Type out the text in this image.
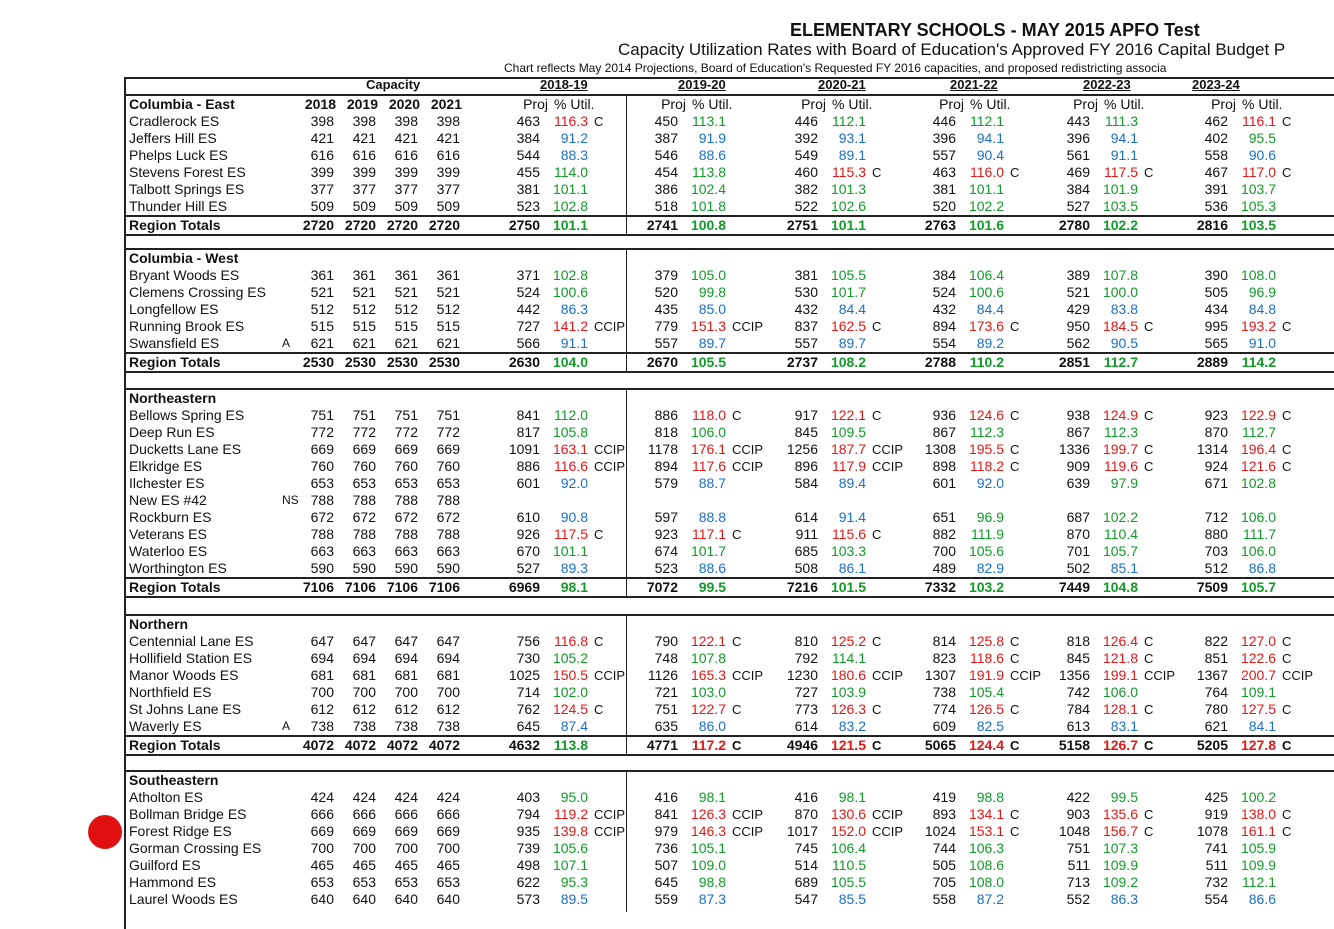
ELEMENTARY SCHOOLS - MAY 2015 APFO Test
Capacity Utilization Rates with Board of Education's Approved FY 2016 Capital Budget P
Chart reflects May 2014 Projections, Board of Education's Requested FY 2016 capacities, and proposed redistricting associa
Capacity	2018-19	2019-20	2020-21	2021-22	2022-23	2023-24
Columbia - East	2018 2019 2020 2021	Proj % Util.	Proj % Util.	Proj % Util.	Proj % Util.	Proj % Util.	Proj % Util.
Cradlerock ES	398	398	398	398	463	116.3 C	450	113.1	446	112.1	446	112.1	443	111.3	462	116.1 C
Jeffers Hill ES	421	421	421	421	384	91.2	387	91.9	392	93.1	396	94.1	396	94.1	402	95.5
Phelps Luck ES	616	616	616	616	544	88.3	546	88.6	549	89.1	557	90.4	561	91.1	558	90.6
Stevens Forest ES	399	399	399	399	455	114.0	454	113.8	460	115.3 C	463	116.0 C	469	117.5 C	467	117.0 C
Talbott Springs ES	377	377	377	377	381 101.1	386 102.4	382 101.3	381 101.1	384 101.9	391 103.7
Thunder Hill ES	509	509	509	509	523 102.8	518 101.8	522 102.6	520 102.2	527 103.5	536 105.3
Region Totals	2720 2720 2720 2720	2750 101.1	2741 100.8	2751 101.1	2763 101.6	2780 102.2	2816 103.5
Columbia - West
Bryant Woods ES	361	361	361	361	371 102.8	379 105.0	381 105.5	384 106.4	389 107.8	390 108.0
Clemens Crossing ES	521	521	521	521	524 100.6	520	99.8	530 101.7	524 100.6	521 100.0	505	96.9
Longfellow ES	512	512	512	512	442	86.3	435	85.0	432	84.4	432	84.4	429	83.8	434	84.8
Running Brook ES	515	515	515	515	727 141.2 CCIP	779 151.3 CCIP	837 162.5 C	894 173.6 C	950 184.5 C	995 193.2 C
Swansfield ES	A	621	621	621	621	566	91.1	557	89.7	557	89.7	554	89.2	562	90.5	565	91.0
Region Totals	2530 2530 2530 2530	2630 104.0	2670 105.5	2737 108.2	2788 110.2	2851 112.7	2889 114.2
Northeastern
Bellows Spring ES	751	751	751	751	841	112.0	886	118.0 C	917 122.1 C	936 124.6 C	938 124.9 C	923 122.9 C
Deep Run ES	772	772	772	772	817 105.8	818 106.0	845 109.5	867	112.3	867	112.3	870	112.7
Ducketts Lane ES	669	669	669	669	1091 163.1 CCIP	1178 176.1 CCIP	1256 187.7 CCIP	1308 195.5 C	1336 199.7 C	1314 196.4 C
Elkridge ES	760	760	760	760	886	116.6 CCIP	894	117.6 CCIP	896	117.9 CCIP	898	118.2 C	909	119.6 C	924 121.6 C
Ilchester ES	653	653	653	653	601	92.0	579	88.7	584	89.4	601	92.0	639	97.9	671 102.8
New ES #42	NS 788	788	788	788
Rockburn ES	672	672	672	672	610	90.8	597	88.8	614	91.4	651	96.9	687 102.2	712 106.0
Veterans ES	788	788	788	788	926	117.5 C	923	117.1 C	911	115.6 C	882	111.9	870	110.4	880	111.7
Waterloo ES	663	663	663	663	670 101.1	674 101.7	685 103.3	700 105.6	701 105.7	703 106.0
Worthington ES	590	590	590	590	527	89.3	523	88.6	508	86.1	489	82.9	502	85.1	512	86.8
Region Totals	7106 7106 7106 7106	6969	98.1	7072	99.5	7216 101.5	7332 103.2	7449 104.8	7509 105.7
Northern
Centennial Lane ES	647	647	647	647	756	116.8 C	790 122.1 C	810 125.2 C	814 125.8 C	818 126.4 C	822 127.0 C
Hollifield Station ES	694	694	694	694	730 105.2	748 107.8	792	114.1	823	118.6 C	845 121.8 C	851 122.6 C
Manor Woods ES	681	681	681	681	1025 150.5 CCIP	1126 165.3 CCIP	1230 180.6 CCIP	1307 191.9 CCIP	1356 199.1 CCIP	1367 200.7 CCIP
Northfield ES	700	700	700	700	714 102.0	721 103.0	727 103.9	738 105.4	742 106.0	764 109.1
St Johns Lane ES	612	612	612	612	762 124.5 C	751 122.7 C	773 126.3 C	774 126.5 C	784 128.1 C	780 127.5 C
Waverly ES	A	738	738	738	738	645	87.4	635	86.0	614	83.2	609	82.5	613	83.1	621	84.1
Region Totals	4072 4072 4072 4072	4632 113.8	4771 117.2 C	4946 121.5 C	5065 124.4 C	5158 126.7 C	5205 127.8 C
Southeastern
Atholton ES	424	424	424	424	403	95.0	416	98.1	416	98.1	419	98.8	422	99.5	425 100.2
Bollman Bridge ES	666	666	666	666	794	119.2 CCIP	841 126.3 CCIP	870 130.6 CCIP	893 134.1 C	903 135.6 C	919 138.0 C
Forest Ridge ES	669	669	669	669	935 139.8 CCIP	979 146.3 CCIP	1017 152.0 CCIP	1024 153.1 C	1048 156.7 C	1078 161.1 C
Gorman Crossing ES	700	700	700	700	739 105.6	736 105.1	745 106.4	744 106.3	751 107.3	741 105.9
Guilford ES	465	465	465	465	498 107.1	507 109.0	514	110.5	505 108.6	511 109.9	511 109.9
Hammond ES	653	653	653	653	622	95.3	645	98.8	689 105.5	705 108.0	713 109.2	732	112.1
Laurel Woods ES	640	640	640	640	573	89.5	559	87.3	547	85.5	558	87.2	552	86.3	554	86.6
